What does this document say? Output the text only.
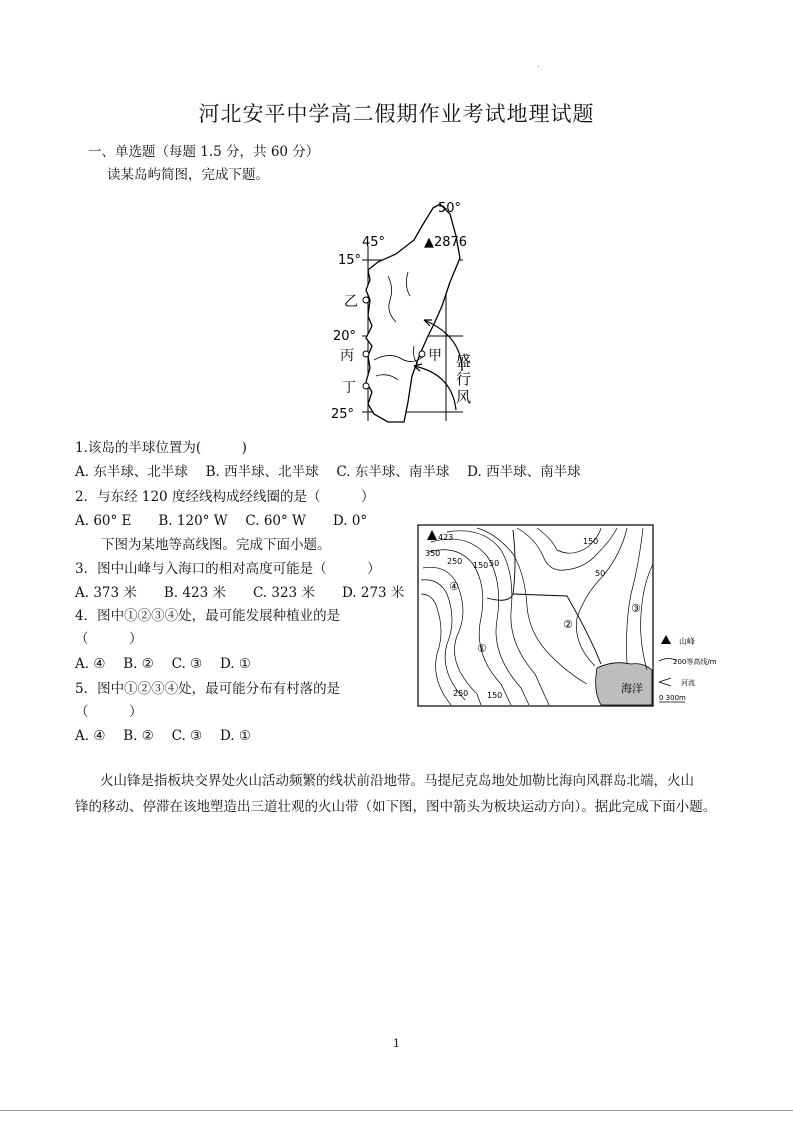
.
河北安平中学高二假期作业考试地理试题
一、单选题（每题 1.5 分，共 60 分）
读某岛屿简图，完成下题。
50°
45°	▲2876
15°
20°
25°
乙
丙
丁
甲 盛
行
风
1.该岛的半球位置为(　　　)
A. 东半球、北半球　 B. 西半球、北半球　 C. 东半球、南半球　 D. 西半球、南半球
2．与东经 120 度经线构成经线圈的是（　　　）
A. 60° E　　B. 120° W　 C. 60° W　　D. 0°
下图为某地等高线图。完成下面小题。
3．图中山峰与入海口的相对高度可能是（　　　）
A. 373 米　　B. 423 米　　C. 323 米　　D. 273 米
4．图中①②③④处，最可能发展种植业的是
（　　　）
A. ④　 B. ②　 C. ③　 D. ①
5．图中①②③④处，最可能分布有村落的是
（　　　）
A. ④　 B. ②　 C. ③　 D. ①
423
350
250 150 50
150
50
250 150
④
①
②
③
海洋
山峰
200等高线/m
河流
0 300m
火山锋是指板块交界处火山活动频繁的线状前沿地带。马提尼克岛地处加勒比海向风群岛北端，火山
锋的移动、停滞在该地塑造出三道壮观的火山带（如下图，图中箭头为板块运动方向）。据此完成下面小题。
1
